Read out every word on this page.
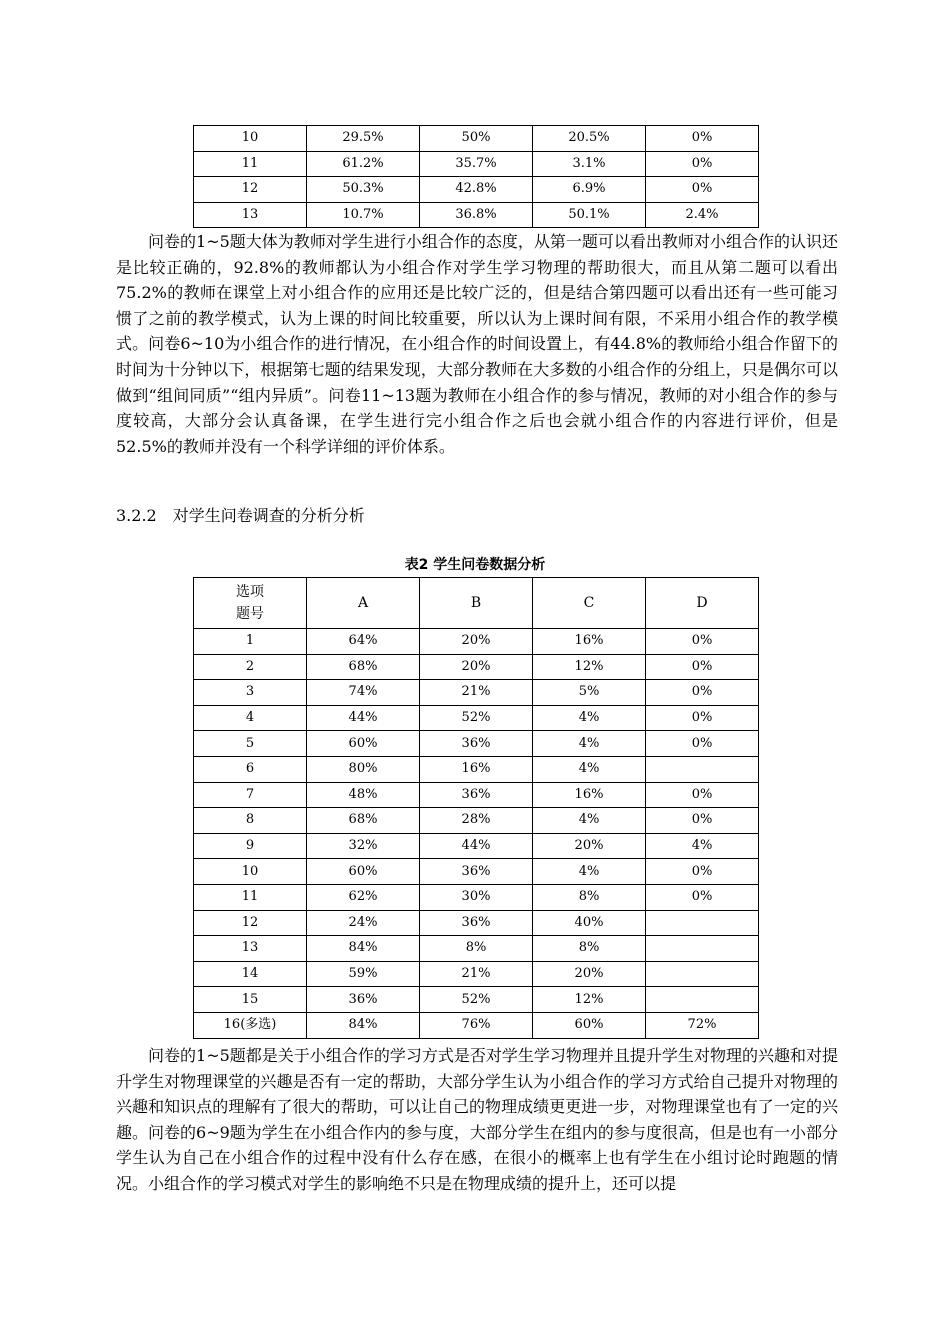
10	29.5%	50%	20.5%	0%
11	61.2%	35.7%	3.1%	0%
12	50.3%	42.8%	6.9%	0%
13	10.7%	36.8%	50.1%	2.4%

问卷的1~5题大体为教师对学生进行小组合作的态度，从第一题可以看出教师对小组合作的认识还是比较正确的，92.8%的教师都认为小组合作对学生学习物理的帮助很大，而且从第二题可以看出75.2%的教师在课堂上对小组合作的应用还是比较广泛的，但是结合第四题可以看出还有一些可能习惯了之前的教学模式，认为上课的时间比较重要，所以认为上课时间有限，不采用小组合作的教学模式。问卷6~10为小组合作的进行情况，在小组合作的时间设置上，有44.8%的教师给小组合作留下的时间为十分钟以下，根据第七题的结果发现，大部分教师在大多数的小组合作的分组上，只是偶尔可以做到“组间同质”“组内异质”。问卷11~13题为教师在小组合作的参与情况，教师的对小组合作的参与度较高，大部分会认真备课，在学生进行完小组合作之后也会就小组合作的内容进行评价，但是52.5%的教师并没有一个科学详细的评价体系。

3.2.2　对学生问卷调查的分析分析

表2 学生问卷数据分析

选项
题号	A	B	C	D
1	64%	20%	16%	0%
2	68%	20%	12%	0%
3	74%	21%	5%	0%
4	44%	52%	4%	0%
5	60%	36%	4%	0%
6	80%	16%	4%	
7	48%	36%	16%	0%
8	68%	28%	4%	0%
9	32%	44%	20%	4%
10	60%	36%	4%	0%
11	62%	30%	8%	0%
12	24%	36%	40%	
13	84%	8%	8%	
14	59%	21%	20%	
15	36%	52%	12%	
16(多选)	84%	76%	60%	72%

问卷的1~5题都是关于小组合作的学习方式是否对学生学习物理并且提升学生对物理的兴趣和对提升学生对物理课堂的兴趣是否有一定的帮助，大部分学生认为小组合作的学习方式给自己提升对物理的兴趣和知识点的理解有了很大的帮助，可以让自己的物理成绩更更进一步，对物理课堂也有了一定的兴趣。问卷的6~9题为学生在小组合作内的参与度，大部分学生在组内的参与度很高，但是也有一小部分学生认为自己在小组合作的过程中没有什么存在感，在很小的概率上也有学生在小组讨论时跑题的情况。小组合作的学习模式对学生的影响绝不只是在物理成绩的提升上，还可以提
